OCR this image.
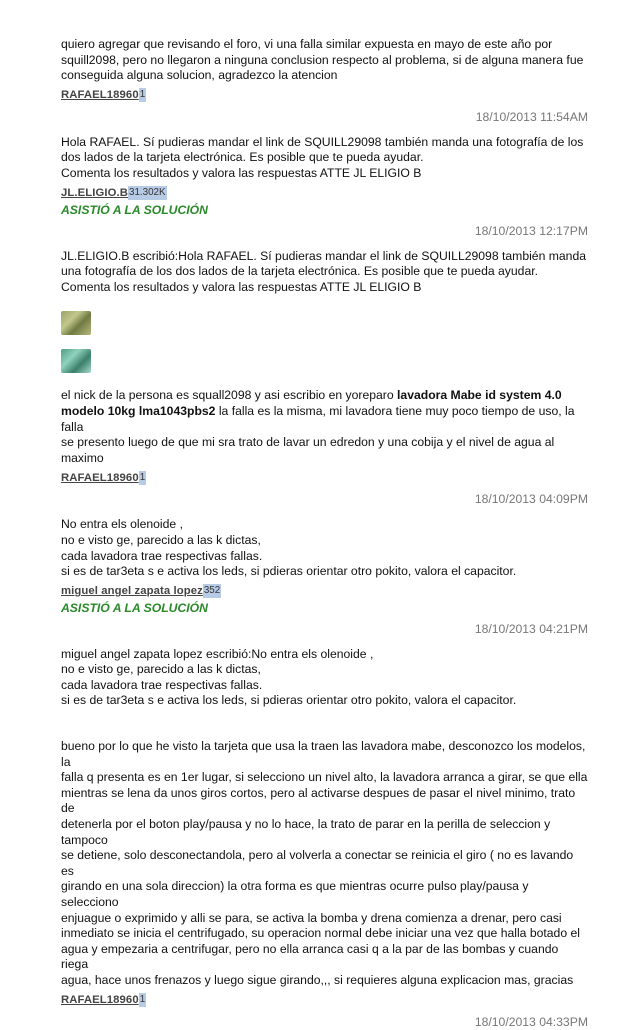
quiero agregar que revisando el foro, vi una falla similar expuesta en mayo de este año por
squill2098, pero no llegaron a ninguna conclusion respecto al problema, si de alguna manera fue
conseguida alguna solucion, agradezco la atencion

RAFAEL18960 1
18/10/2013 11:54AM

Hola RAFAEL. Sí pudieras mandar el link de SQUILL29098 también manda una fotografía de los
dos lados de la tarjeta electrónica. Es posible que te pueda ayudar.
Comenta los resultados y valora las respuestas ATTE JL ELIGIO B

JL.ELIGIO.B 31.302K
ASISTIÓ A LA SOLUCIÓN
18/10/2013 12:17PM

JL.ELIGIO.B escribió:Hola RAFAEL. Sí pudieras mandar el link de SQUILL29098 también manda
una fotografía de los dos lados de la tarjeta electrónica. Es posible que te pueda ayudar.
Comenta los resultados y valora las respuestas ATTE JL ELIGIO B

el nick de la persona es squall2098 y asi escribio en yoreparo lavadora Mabe id system 4.0
modelo 10kg lma1043pbs2 la falla es la misma, mi lavadora tiene muy poco tiempo de uso, la falla
se presento luego de que mi sra trato de lavar un edredon y una cobija y el nivel de agua al maximo

RAFAEL18960 1
18/10/2013 04:09PM

No entra els olenoide ,
no e visto ge, parecido a las k dictas,
cada lavadora trae respectivas fallas.
si es de tar3eta s e activa los leds, si pdieras orientar otro pokito, valora el capacitor.

miguel angel zapata lopez 352
ASISTIÓ A LA SOLUCIÓN
18/10/2013 04:21PM

miguel angel zapata lopez escribió:No entra els olenoide ,
no e visto ge, parecido a las k dictas,
cada lavadora trae respectivas fallas.
si es de tar3eta s e activa los leds, si pdieras orientar otro pokito, valora el capacitor.

bueno por lo que he visto la tarjeta que usa la traen las lavadora mabe, desconozco los modelos, la
falla q presenta es en 1er lugar, si selecciono un nivel alto, la lavadora arranca a girar, se que ella
mientras se lena da unos giros cortos, pero al activarse despues de pasar el nivel minimo, trato de
detenerla por el boton play/pausa y no lo hace, la trato de parar en la perilla de seleccion y tampoco
se detiene, solo desconectandola, pero al volverla a conectar se reinicia el giro ( no es lavando es
girando en una sola direccion) la otra forma es que mientras ocurre pulso play/pausa y selecciono
enjuague o exprimido y alli se para, se activa la bomba y drena comienza a drenar, pero casi
inmediato se inicia el centrifugado, su operacion normal debe iniciar una vez que halla botado el
agua y empezaria a centrifugar, pero no ella arranca casi q a la par de las bombas y cuando riega
agua, hace unos frenazos y luego sigue girando,,, si requieres alguna explicacion mas, gracias

RAFAEL18960 1
18/10/2013 04:33PM
